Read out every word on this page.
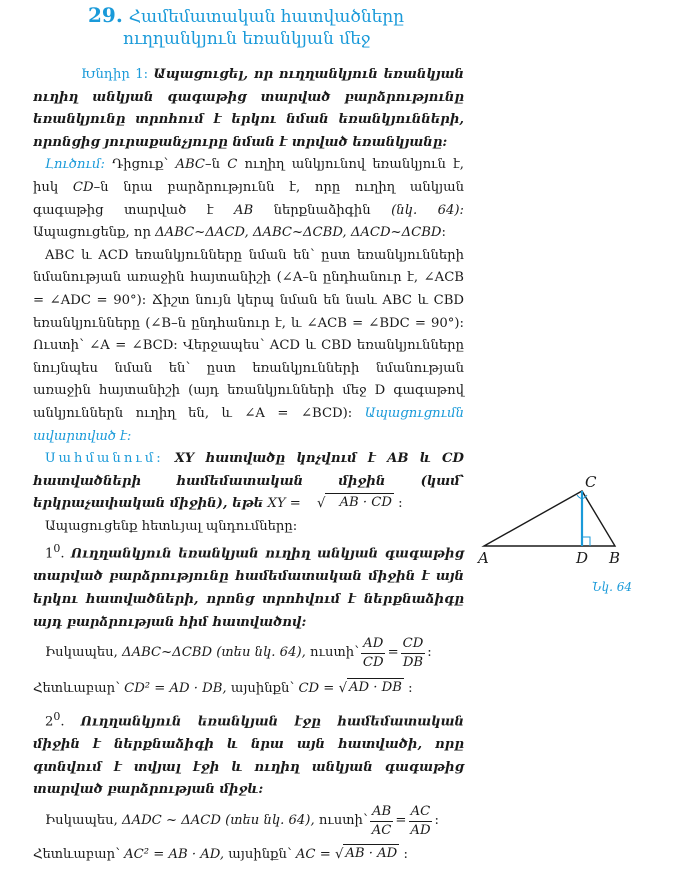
29. Համեմատական հատվածները
ուղղանկյուն եռանկյան մեջ

Խնդիր 1: Ապացուցել, որ ուղղանկյուն եռանկյան ուղիղ անկյան գագաթից տարված բարձրությունը եռանկյունը տրոհում է երկու նման եռանկյունների, որոնցից յուրաքանչյուրը նման է տրված եռանկյանը:

Լուծում: Դիցուք՝ ABC–ն C ուղիղ անկյունով եռանկյուն է, իսկ CD–ն նրա բարձրությունն է, որը ուղիղ անկյան գագաթից տարված է AB ներքնաձիգին (նկ. 64): Ապացուցենք, որ ΔABC~ΔACD, ΔABC~ΔCBD, ΔACD~ΔCBD:

ABC և ACD եռանկյունները նման են՝ ըստ եռանկյունների նմանության առաջին հայտանիշի (∠A–ն ընդհանուր է, ∠ACB = ∠ADC = 90°): Ճիշտ նույն կերպ նման են նաև ABC և CBD եռանկյունները (∠B–ն ընդհանուր է, և ∠ACB = ∠BDC = 90°): Ուստի՝ ∠A = ∠BCD: Վերջապես՝ ACD և CBD եռանկյունները նույնպես նման են՝ ըստ եռանկյունների նմանության առաջին հայտանիշի (այդ եռանկյունների մեջ D գագաթով անկյուններն ուղիղ են, և ∠A = ∠BCD): Ապացուցումն ավարտված է:

Սահմանում: XY հատվածը կոչվում է AB և CD հատվածների համեմատական միջին (կամ՝ երկրաչափական միջին), եթե XY = √	AB · CD :

Ապացուցենք հետևյալ պնդումները:

$1^0$. Ուղղանկյուն եռանկյան ուղիղ անկյան գագաթից տարված բարձրությունը համեմատական միջին է այն երկու հատվածների, որոնց տրոհվում է ներքնաձիգը այդ բարձրության հիմ հատվածով:

Իսկապես,
ΔABC~ΔCBD
(տես նկ. 64),
ուստի՝ $\frac{AD}{CD} = \frac{CD}{DB}$ :
Հետևաբար՝
CD² = AD · DB,
այսինքն՝
CD =
√ AD · DB
:

$2^0$. Ուղղանկյուն եռանկյան էջը համեմատական միջին է ներքնաձիգի և նրա այն հատվածի, որը գտնվում է տվյալ էջի և ուղիղ անկյան գագաթից տարված բարձրության միջև:

Իսկապես,
ΔADC ~ ΔACD
(տես նկ. 64),
ուստի՝ $\frac{AB}{AC} = \frac{AC}{AD}$ :
Հետևաբար՝
AC² = AB · AD,
այսինքն՝
AC =
√ AB · AD
:
C
A	D B
Նկ. 64
